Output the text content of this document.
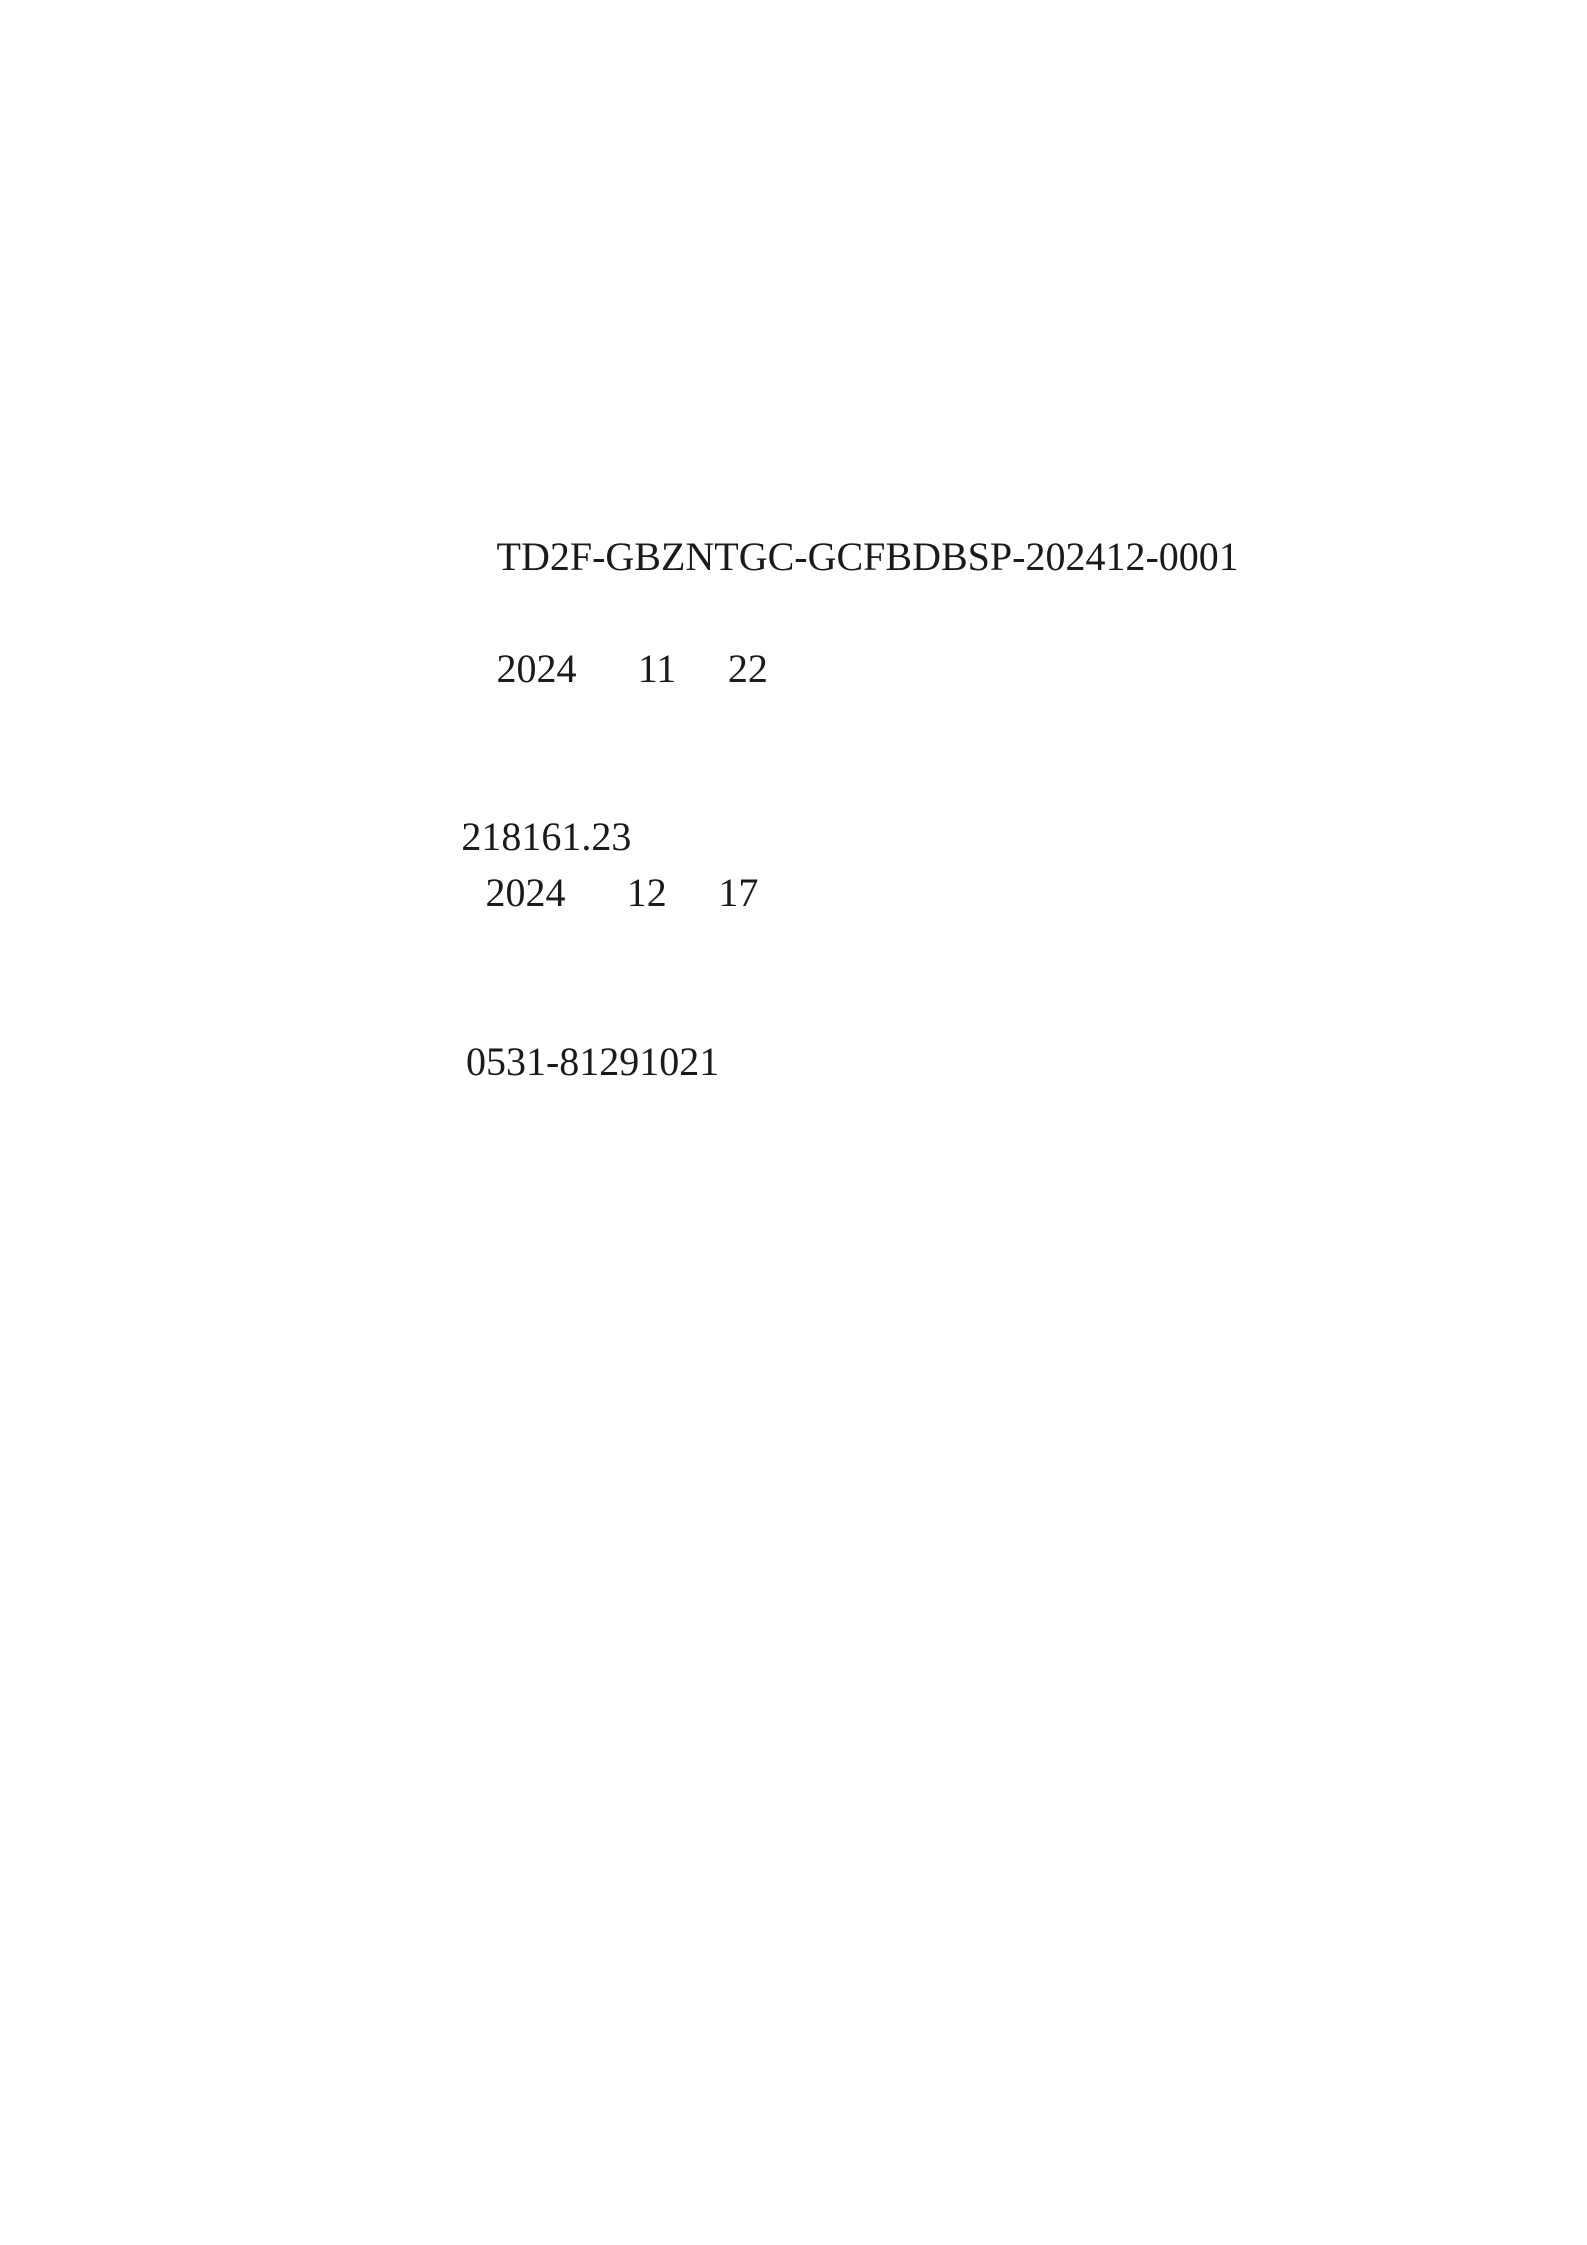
TD2F-GBZNTGC-GCFBDBSP-202412-0001
2024 11 22
218161.23
2024 12 17
0531-81291021
